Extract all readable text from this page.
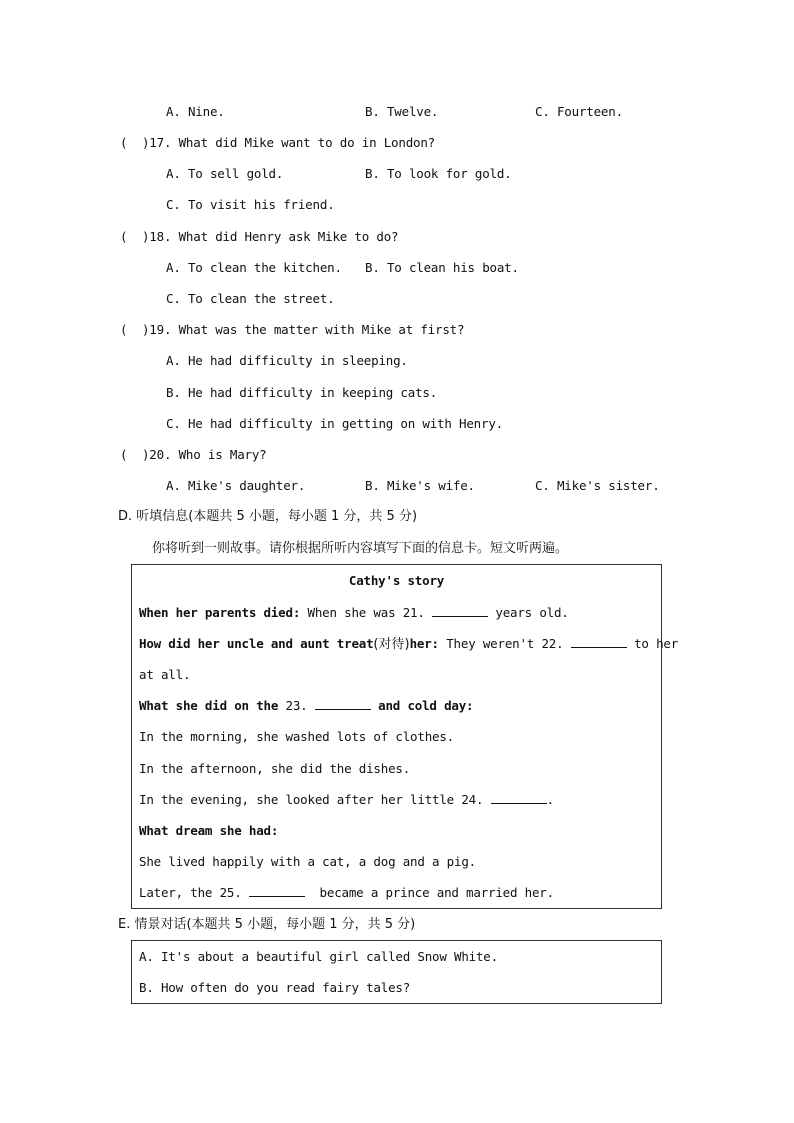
A. Nine.	B. Twelve.	C. Fourteen.
(  )17. What did Mike want to do in London?
A. To sell gold.	B. To look for gold.
C. To visit his friend.
(  )18. What did Henry ask Mike to do?
A. To clean the kitchen. B. To clean his boat.
C. To clean the street.
(  )19. What was the matter with Mike at first?
A. He had difficulty in sleeping.
B. He had difficulty in keeping cats.
C. He had difficulty in getting on with Henry.
(  )20. Who is Mary?
A. Mike's daughter.	B. Mike's wife.	C. Mike's sister.
D. 听填信息(本题共 5 小题，每小题 1 分，共 5 分)
你将听到一则故事。请你根据所听内容填写下面的信息卡。短文听两遍。
Cathy's story
When her parents died: When she was 21.	years old.
How did her uncle and aunt treat(对待)her: They weren't 22.	to her
at all.
What she did on the 23.	and cold day:
In the morning, she washed lots of clothes.
In the afternoon, she did the dishes.
In the evening, she looked after her little 24.	.
What dream she had:
She lived happily with a cat, a dog and a pig.
Later, the 25.	became a prince and married her.
E. 情景对话(本题共 5 小题，每小题 1 分，共 5 分)
A. It's about a beautiful girl called Snow White.
B. How often do you read fairy tales?
